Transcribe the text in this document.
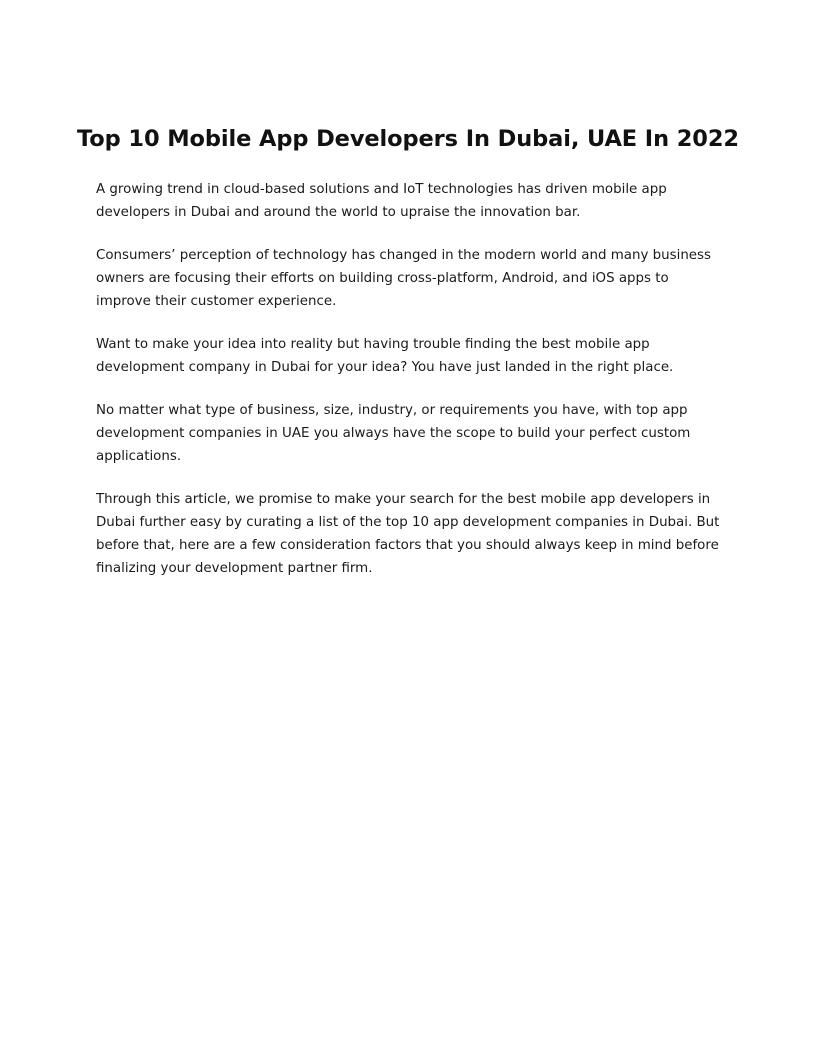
Top 10 Mobile App Developers In Dubai, UAE In 2022

A growing trend in cloud-based solutions and IoT technologies has driven mobile app developers in Dubai and around the world to upraise the innovation bar.

Consumers’ perception of technology has changed in the modern world and many business owners are focusing their efforts on building cross-platform, Android, and iOS apps to improve their customer experience.

Want to make your idea into reality but having trouble finding the best mobile app development company in Dubai for your idea? You have just landed in the right place.

No matter what type of business, size, industry, or requirements you have, with top app development companies in UAE you always have the scope to build your perfect custom applications.

Through this article, we promise to make your search for the best mobile app developers in Dubai further easy by curating a list of the top 10 app development companies in Dubai. But before that, here are a few consideration factors that you should always keep in mind before finalizing your development partner firm.
